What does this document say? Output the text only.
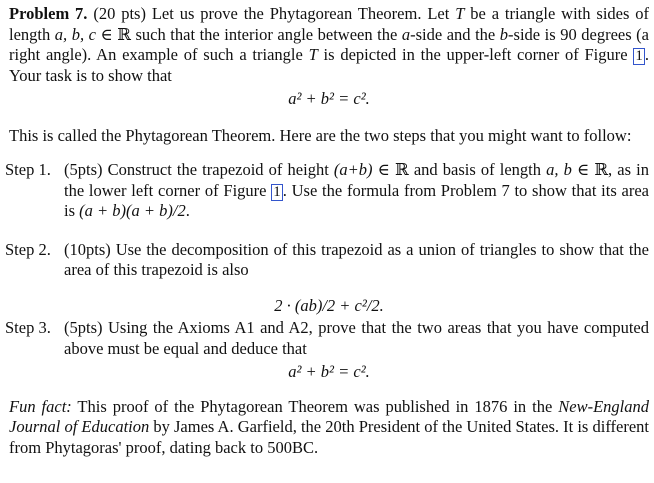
Problem 7. (20 pts) Let us prove the Phytagorean Theorem. Let T be a triangle with sides of length a, b, c ∈ ℝ such that the interior angle between the a-side and the b-side is 90 degrees (a right angle). An example of such a triangle T is depicted in the upper-left corner of Figure 1 . Your task is to show that

a² + b² = c².

This is called the Phytagorean Theorem. Here are the two steps that you might want to follow:

Step 1. (5pts) Construct the trapezoid of height (a+b) ∈ ℝ and basis of length a, b ∈ ℝ, as in the lower left corner of Figure 1 . Use the formula from Problem 7 to show that its area is (a + b)(a + b)/2.
Step 2. (10pts) Use the decomposition of this trapezoid as a union of triangles to show that the area of this trapezoid is also

2 · (ab)/2 + c²/2.

Step 3. (5pts) Using the Axioms A1 and A2, prove that the two areas that you have computed above must be equal and deduce that

a² + b² = c².

Fun fact: This proof of the Phytagorean Theorem was published in 1876 in the New-England Journal of Education by James A. Garfield, the 20th President of the United States. It is different from Phytagoras' proof, dating back to 500BC.
